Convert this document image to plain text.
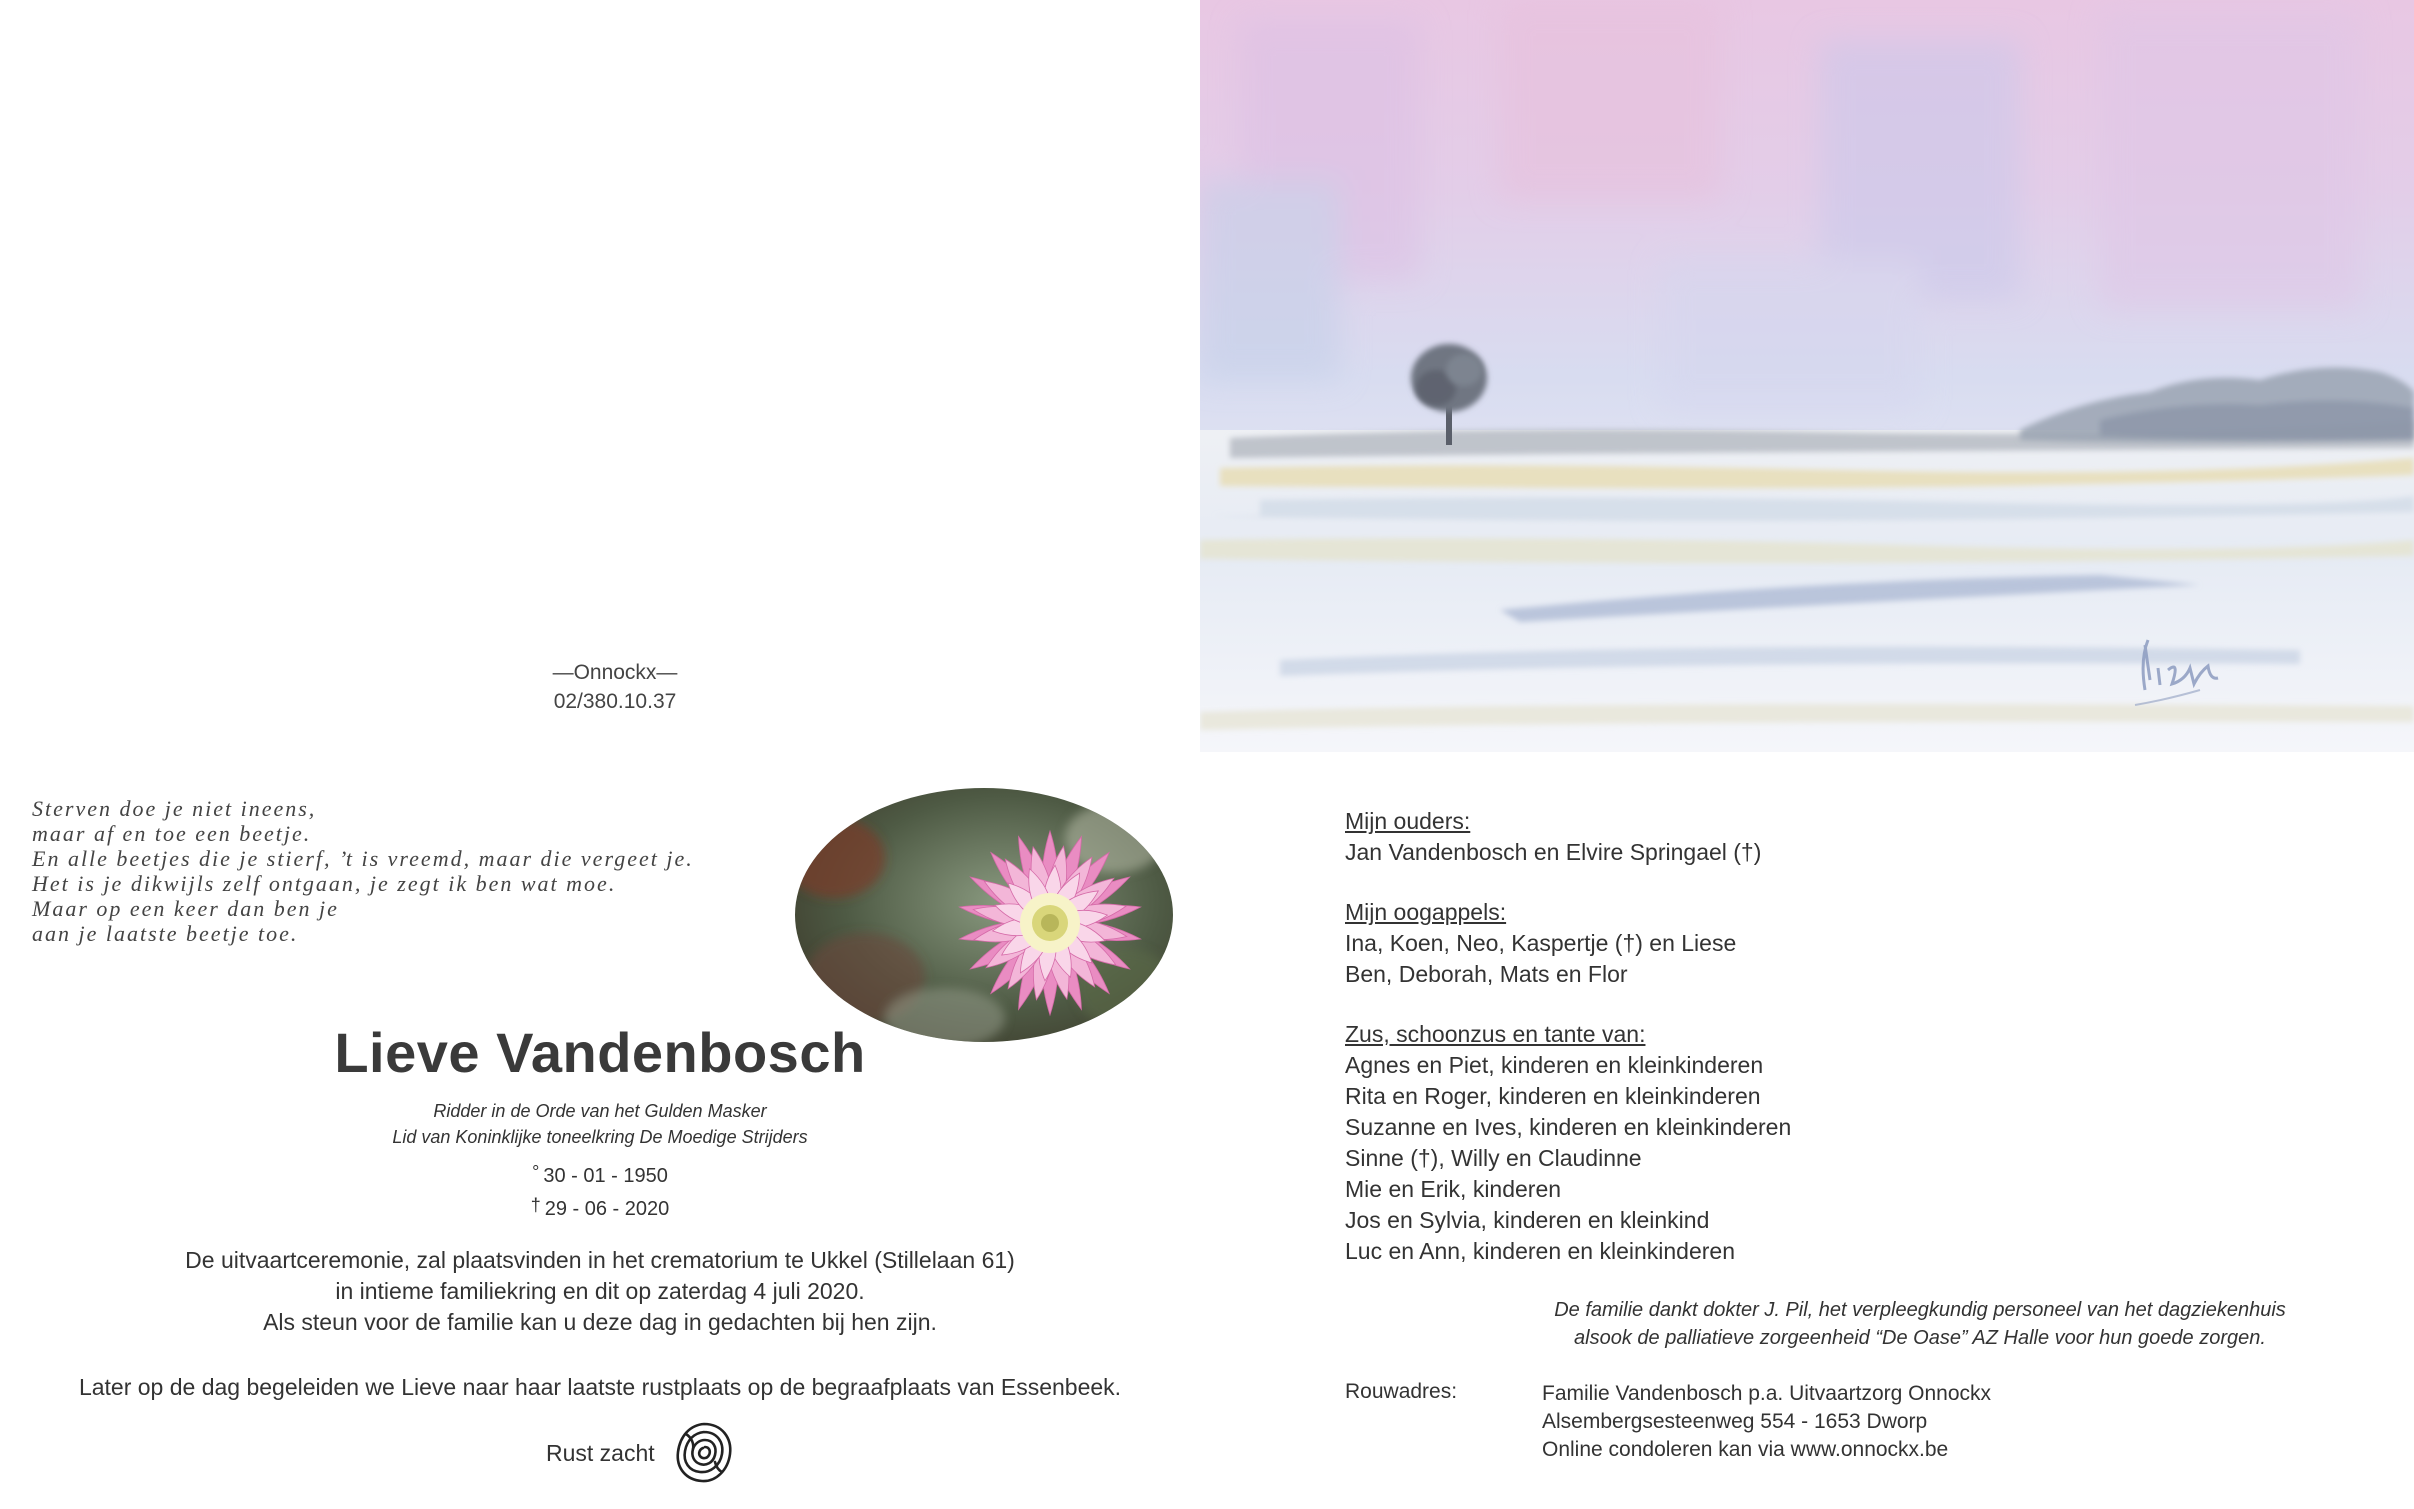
—Onnockx—
02/380.10.37
Sterven doe je niet ineens,
maar af en toe een beetje.
En alle beetjes die je stierf, ’t is vreemd, maar die vergeet je.
Het is je dikwijls zelf ontgaan, je zegt ik ben wat moe.
Maar op een keer dan ben je
aan je laatste beetje toe.
Lieve Vandenbosch
Ridder in de Orde van het Gulden Masker
Lid van Koninklijke toneelkring De Moedige Strijders
° 30 - 01 - 1950
† 29 - 06 - 2020
De uitvaartceremonie, zal plaatsvinden in het crematorium te Ukkel (Stillelaan 61)
in intieme familiekring en dit op zaterdag 4 juli 2020.
Als steun voor de familie kan u deze dag in gedachten bij hen zijn.
Later op de dag begeleiden we Lieve naar haar laatste rustplaats op de begraafplaats van Essenbeek.
Rust zacht
Mijn ouders:
Jan Vandenbosch en Elvire Springael (†)
Mijn oogappels:
Ina, Koen, Neo, Kaspertje (†) en Liese
Ben, Deborah, Mats en Flor
Zus, schoonzus en tante van:
Agnes en Piet, kinderen en kleinkinderen
Rita en Roger, kinderen en kleinkinderen
Suzanne en Ives, kinderen en kleinkinderen
Sinne (†), Willy en Claudinne
Mie en Erik, kinderen
Jos en Sylvia, kinderen en kleinkind
Luc en Ann, kinderen en kleinkinderen
De familie dankt dokter J. Pil, het verpleegkundig personeel van het dagziekenhuis
alsook de palliatieve zorgeenheid “De Oase” AZ Halle voor hun goede zorgen.
Rouwadres:	Familie Vandenbosch p.a. Uitvaartzorg Onnockx
Alsembergsesteenweg 554 - 1653 Dworp
Online condoleren kan via www.onnockx.be
